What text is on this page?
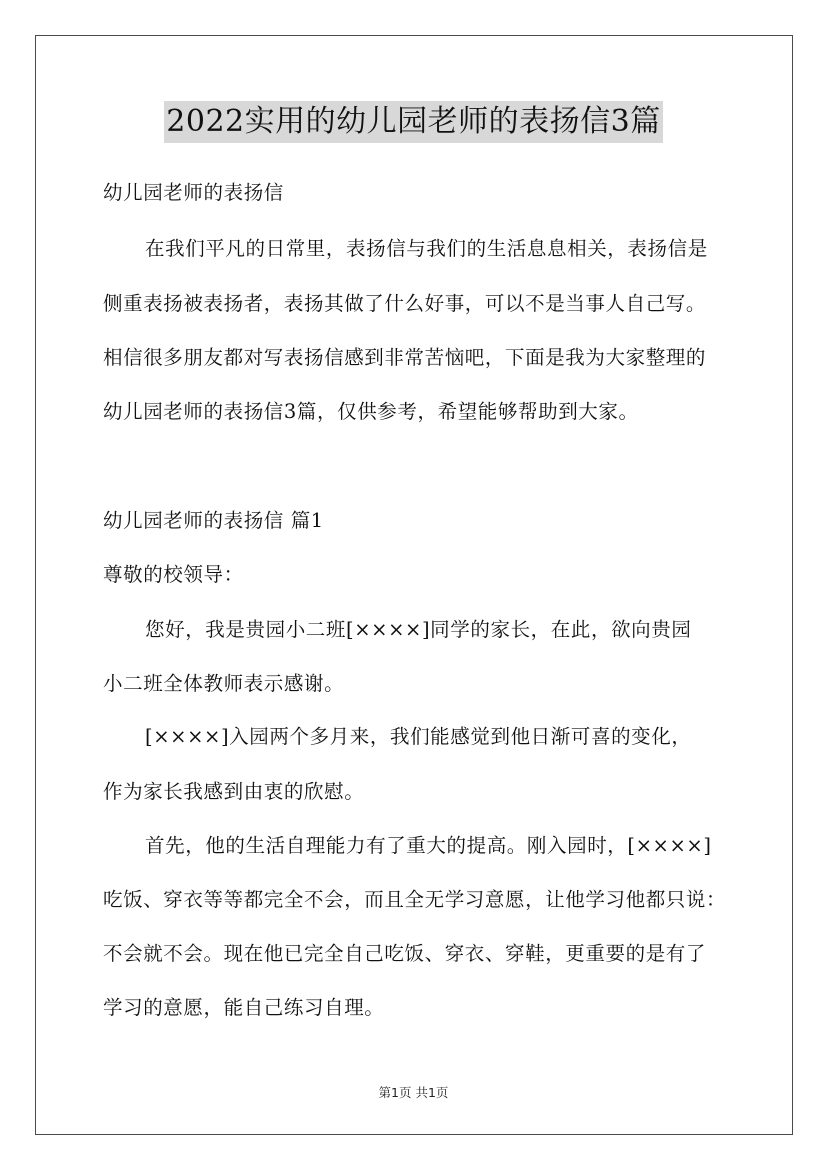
2022实用的幼儿园老师的表扬信3篇
幼儿园老师的表扬信
在我们平凡的日常里，表扬信与我们的生活息息相关，表扬信是
侧重表扬被表扬者，表扬其做了什么好事，可以不是当事人自己写。
相信很多朋友都对写表扬信感到非常苦恼吧，下面是我为大家整理的
幼儿园老师的表扬信3篇，仅供参考，希望能够帮助到大家。
幼儿园老师的表扬信 篇1
尊敬的校领导：
您好，我是贵园小二班[××××]同学的家长，在此，欲向贵园
小二班全体教师表示感谢。
[××××]入园两个多月来，我们能感觉到他日渐可喜的变化，
作为家长我感到由衷的欣慰。
首先，他的生活自理能力有了重大的提高。刚入园时，[××××]
吃饭、穿衣等等都完全不会，而且全无学习意愿，让他学习他都只说：
不会就不会。现在他已完全自己吃饭、穿衣、穿鞋，更重要的是有了
学习的意愿，能自己练习自理。
第1页 共1页
